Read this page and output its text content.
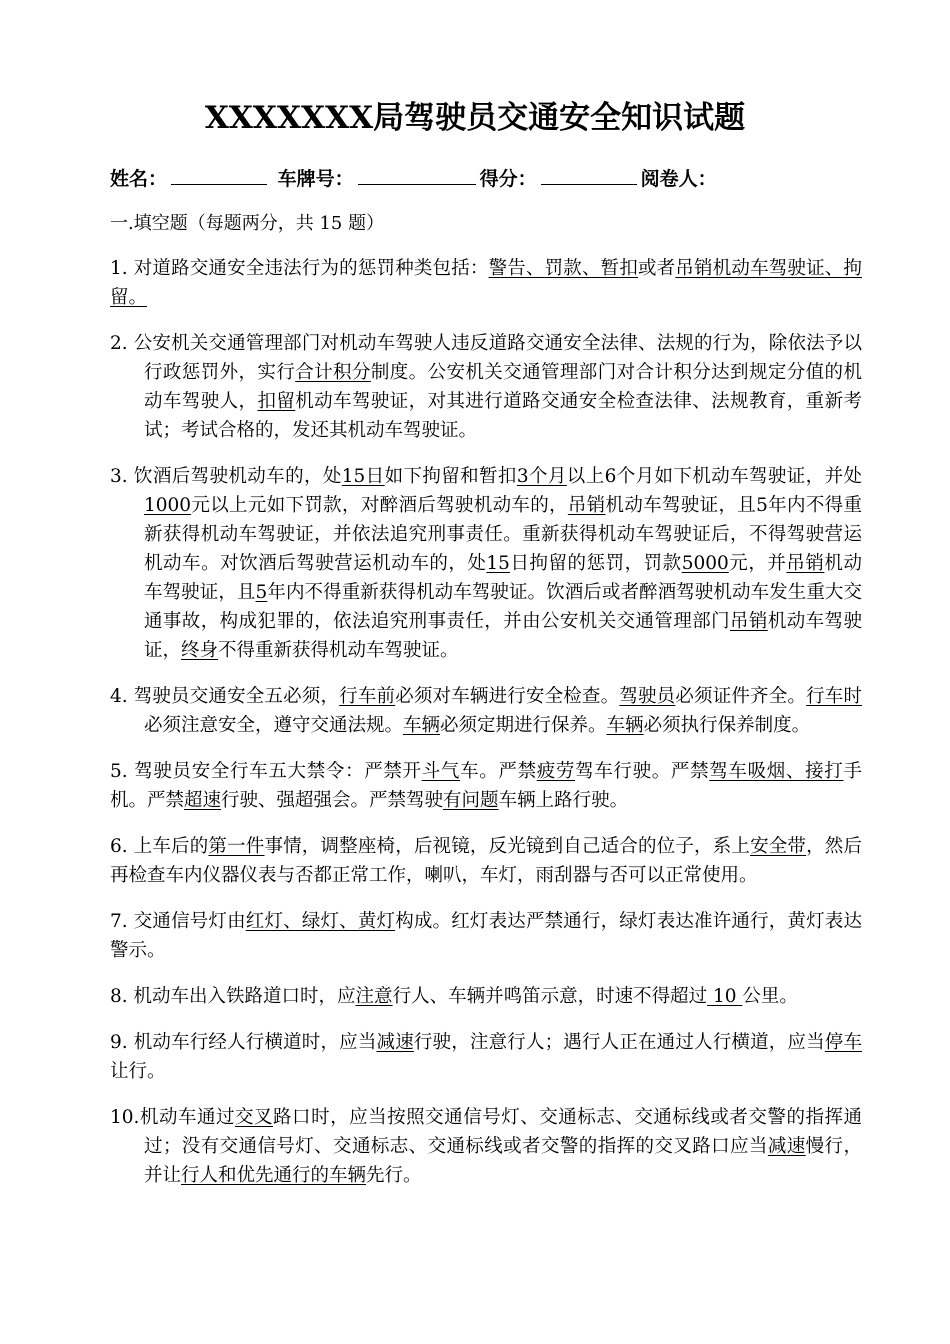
XXXXXXX局驾驶员交通安全知识试题
姓名：	车牌号：	得分：	阅卷人：
一.填空题（每题两分，共 15 题）

1. 对道路交通安全违法行为的惩罚种类包括：警告、罚款、暂扣或者吊销机动车驾驶证、拘留。

2. 公安机关交通管理部门对机动车驾驶人违反道路交通安全法律、法规的行为，除依法予以行政惩罚外，实行合计积分制度。公安机关交通管理部门对合计积分达到规定分值的机动车驾驶人，扣留机动车驾驶证，对其进行道路交通安全检查法律、法规教育，重新考试；考试合格的，发还其机动车驾驶证。

3. 饮酒后驾驶机动车的，处15日如下拘留和暂扣3个月以上6个月如下机动车驾驶证，并处1000元以上元如下罚款，对醉酒后驾驶机动车的，吊销机动车驾驶证，且5年内不得重新获得机动车驾驶证，并依法追究刑事责任。重新获得机动车驾驶证后，不得驾驶营运机动车。对饮酒后驾驶营运机动车的，处15日拘留的惩罚，罚款5000元，并吊销机动车驾驶证，且5年内不得重新获得机动车驾驶证。饮酒后或者醉酒驾驶机动车发生重大交通事故，构成犯罪的，依法追究刑事责任，并由公安机关交通管理部门吊销机动车驾驶证，终身不得重新获得机动车驾驶证。

4. 驾驶员交通安全五必须，行车前必须对车辆进行安全检查。驾驶员必须证件齐全。行车时必须注意安全，遵守交通法规。车辆必须定期进行保养。车辆必须执行保养制度。

5. 驾驶员安全行车五大禁令：严禁开斗气车。严禁疲劳驾车行驶。严禁驾车吸烟、接打手机。严禁超速行驶、强超强会。严禁驾驶有问题车辆上路行驶。

6. 上车后的第一件事情，调整座椅，后视镜，反光镜到自己适合的位子，系上安全带，然后再检查车内仪器仪表与否都正常工作，喇叭，车灯，雨刮器与否可以正常使用。

7. 交通信号灯由红灯、绿灯、黄灯构成。红灯表达严禁通行，绿灯表达准许通行，黄灯表达警示。

8. 机动车出入铁路道口时，应注意行人、车辆并鸣笛示意，时速不得超过 10 公里。

9. 机动车行经人行横道时，应当减速行驶，注意行人；遇行人正在通过人行横道，应当停车让行。

10.机动车通过交叉路口时，应当按照交通信号灯、交通标志、交通标线或者交警的指挥通过；没有交通信号灯、交通标志、交通标线或者交警的指挥的交叉路口应当减速慢行，并让行人和优先通行的车辆先行。
